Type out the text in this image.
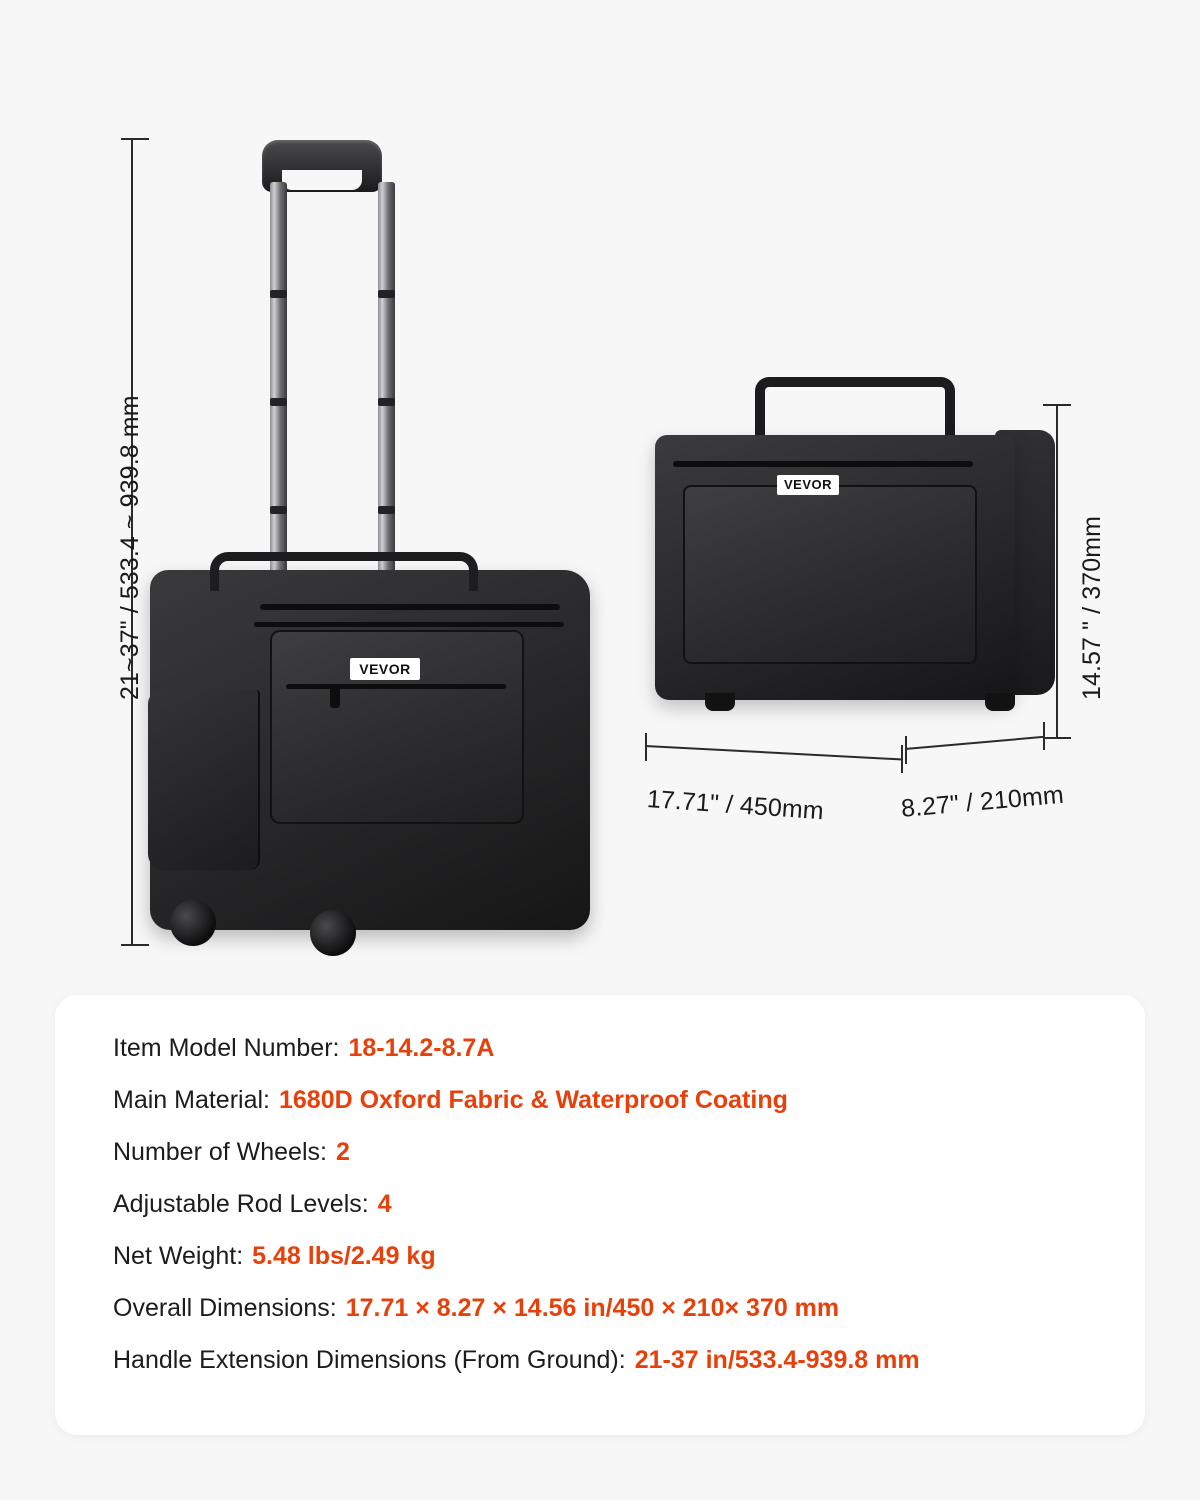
21~37" / 533.4 ~ 939.8 mm	VEVOR
VEVOR
14.57 " / 370mm
17.71" / 450mm	8.27" / 210mm
Item Model Number: 18-14.2-8.7A
Main Material: 1680D Oxford Fabric & Waterproof Coating
Number of Wheels: 2
Adjustable Rod Levels: 4
Net Weight: 5.48 lbs/2.49 kg
Overall Dimensions: 17.71 × 8.27 × 14.56 in/450 × 210× 370 mm
Handle Extension Dimensions (From Ground): 21-37 in/533.4-939.8 mm
